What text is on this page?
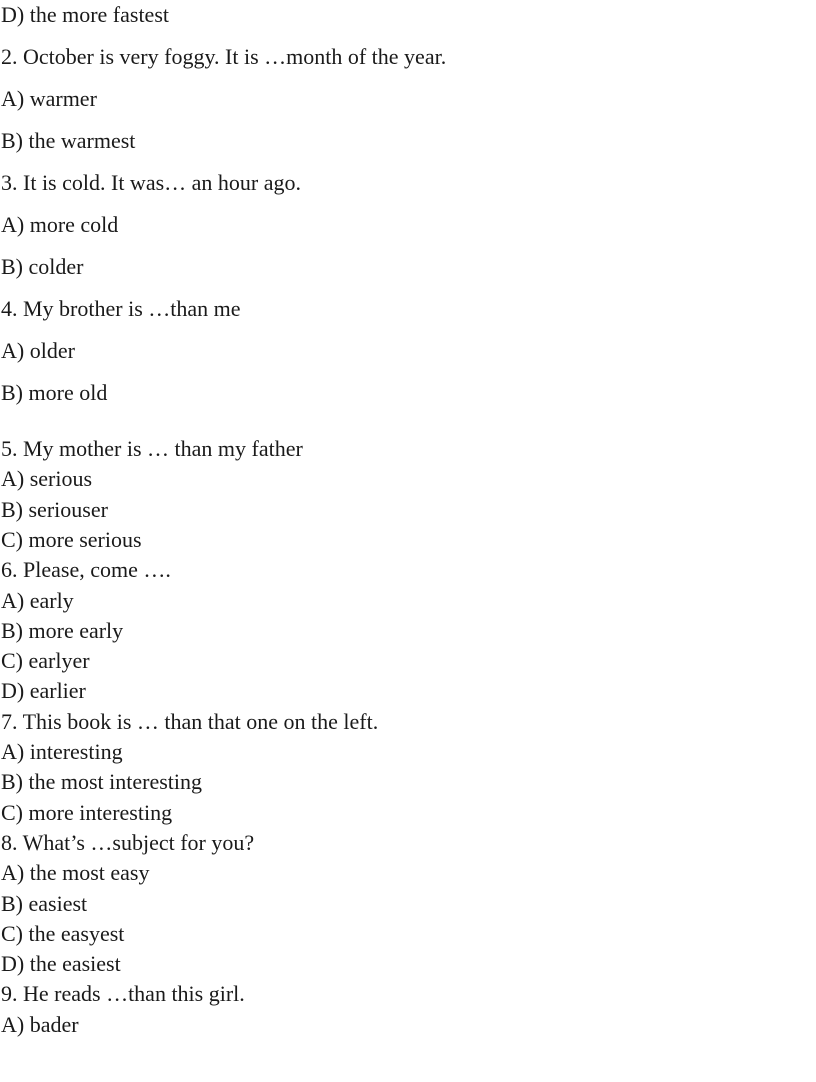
D) the more fastest
2. October is very foggy. It is …month of the year.
A) warmer
B) the warmest
3. It is cold. It was… an hour ago.
A) more cold
B) colder
4. My brother is …than me
A) older
B) more old
5. My mother is … than my father
A) serious
B) seriouser
C) more serious
6. Please, come ….
A) early
B) more early
C) earlyer
D) earlier
7. This book is … than that one on the left.
A) interesting
B) the most interesting
C) more interesting
8. What’s …subject for you?
A) the most easy
B) easiest
C) the easyest
D) the easiest
9. He reads …than this girl.
A) bader
